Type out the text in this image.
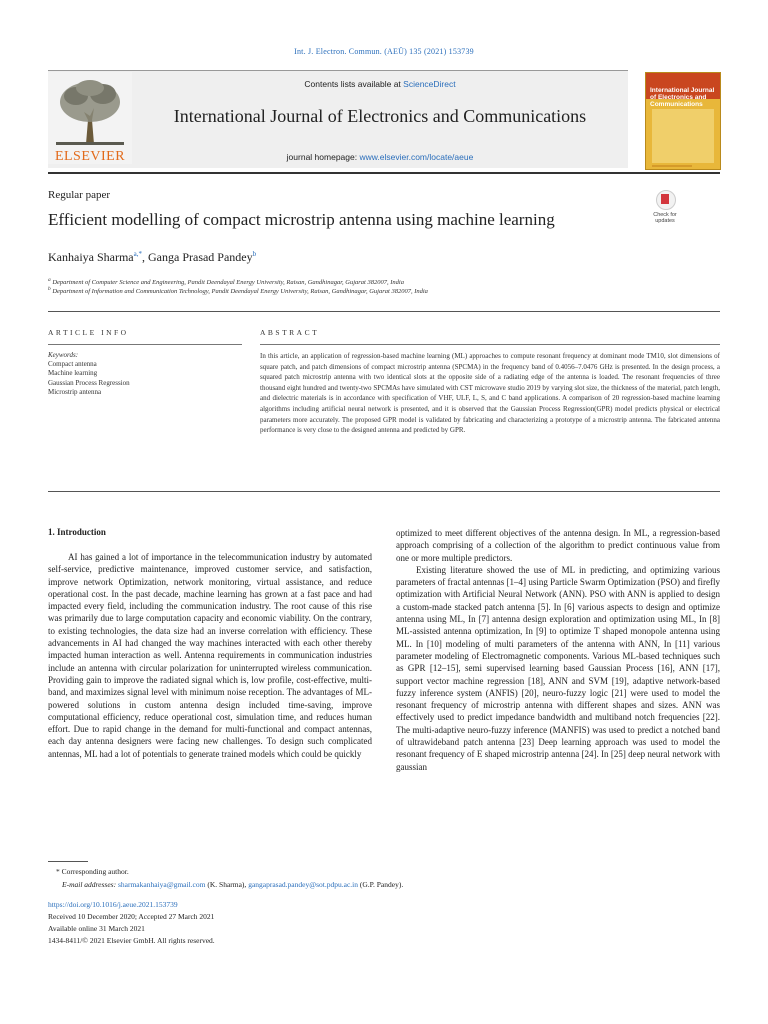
Int. J. Electron. Commun. (AEÜ) 135 (2021) 153739
ELSEVIER
Contents lists available at ScienceDirect
International Journal of Electronics and Communications
journal homepage: www.elsevier.com/locate/aeue
International Journal of Electronics and Communications
Regular paper
Efficient modelling of compact microstrip antenna using machine learning	Check for updates
Kanhaiya Sharma$^{a,*}$, Ganga Prasad Pandey$^b$
$^a$ Department of Computer Science and Engineering, Pandit Deendayal Energy University, Raisan, Gandhinagar, Gujarat 382007, India
$^b$ Department of Information and Communication Technology, Pandit Deendayal Energy University, Raisan, Gandhinagar, Gujarat 382007, India
ARTICLE INFO	ABSTRACT
Keywords:
Compact antenna
Machine learning
Gaussian Process Regression
Microstrip antenna
In this article, an application of regression-based machine learning (ML) approaches to compute resonant frequency at dominant mode TM10, slot dimensions of square patch, and patch dimensions of compact microstrip antenna (SPCMA) in the frequency band of 0.4056–7.0476 GHz is presented. In the design process, a squared patch microstrip antenna with two identical slots at the opposite side of a radiating edge of the antenna is loaded. The resonant frequencies of three thousand eight hundred and twenty-two SPCMAs have simulated with CST microwave studio 2019 by varying slot size, the thickness of the material, patch length, and dielectric materials is in accordance with specification of VHF, ULF, L, S, and C band applications. A comparison of 20 regression-based machine learning algorithms including artificial neural network is presented, and it is observed that the Gaussian Process Regression(GPR) model predicts physical or electrical parameters more accurately. The proposed GPR model is validated by fabricating and characterizing a prototype of a microstrip antenna. The fabricated antenna performance is very close to the designed antenna and predicted by GPR.
1. Introduction

AI has gained a lot of importance in the telecommunication industry by automated self-service, predictive maintenance, improved customer service, and satisfaction, improve network Optimization, network monitoring, virtual assistance, and reduce operational cost. In the past decade, machine learning has grown at a fast pace and had impacted every field, including the communication industry. The root cause of this rise was primarily due to large computation capacity and economic viability. On the contrary, to existing technologies, the data size had an inverse correlation with efficiency. These advancements in AI had changed the way machines interacted with each other thereby impacted human interaction as well. Antenna requirements in communication industries include an antenna with circular polarization for uninterrupted wireless communication. Providing gain to improve the radiated signal which is, low profile, cost-effective, multi-band, and maximizes signal level with minimum noise reception. The advantages of ML-powered solutions in custom antenna design included time-saving, improve computational efficiency, reduce operational cost, simulation time, and reduces human effort. Due to rapid change in the demand for multi-functional and compact antennas, each day antenna designers were facing new challenges. To design such complicated antennas, ML had a lot of potentials to generate trained models which could be quickly

optimized to meet different objectives of the antenna design. In ML, a regression-based approach comprising of a collection of the algorithm to predict continuous value from one or more multiple predictors.

Existing literature showed the use of ML in predicting, and optimizing various parameters of fractal antennas [1–4] using Particle Swarm Optimization (PSO) and firefly optimization with Artificial Neural Network (ANN). PSO with ANN is applied to design a custom-made stacked patch antenna [5]. In [6] various aspects to design and optimize antenna using ML, In [7] antenna design exploration and optimization using ML, In [8] ML-assisted antenna optimization, In [9] to optimize T shaped monopole antenna using ML. In [10] modeling of multi parameters of the antenna with ANN, In [11] various parameter modeling of Electromagnetic components. Various ML-based techniques such as GPR [12–15], semi supervised learning based Gaussian Process [16], ANN [17], support vector machine regression [18], ANN and SVM [19], adaptive network-based fuzzy inference system (ANFIS) [20], neuro-fuzzy logic [21] were used to model the resonant frequency of microstrip antenna with different shapes and sizes. ANN was effectively used to predict impedance bandwidth and multiband notch frequencies [22]. The multi-adaptive neuro-fuzzy inference (MANFIS) was used to predict a notched band of ultrawideband patch antenna [23] Deep learning approach was used to model the resonant frequency of E shaped microstrip antenna [24]. In [25] deep neural network with gaussian

* Corresponding author.
E-mail addresses: sharmakanhaiya@gmail.com (K. Sharma), gangaprasad.pandey@sot.pdpu.ac.in (G.P. Pandey).
https://doi.org/10.1016/j.aeue.2021.153739
Received 10 December 2020; Accepted 27 March 2021
Available online 31 March 2021
1434-8411/© 2021 Elsevier GmbH. All rights reserved.
